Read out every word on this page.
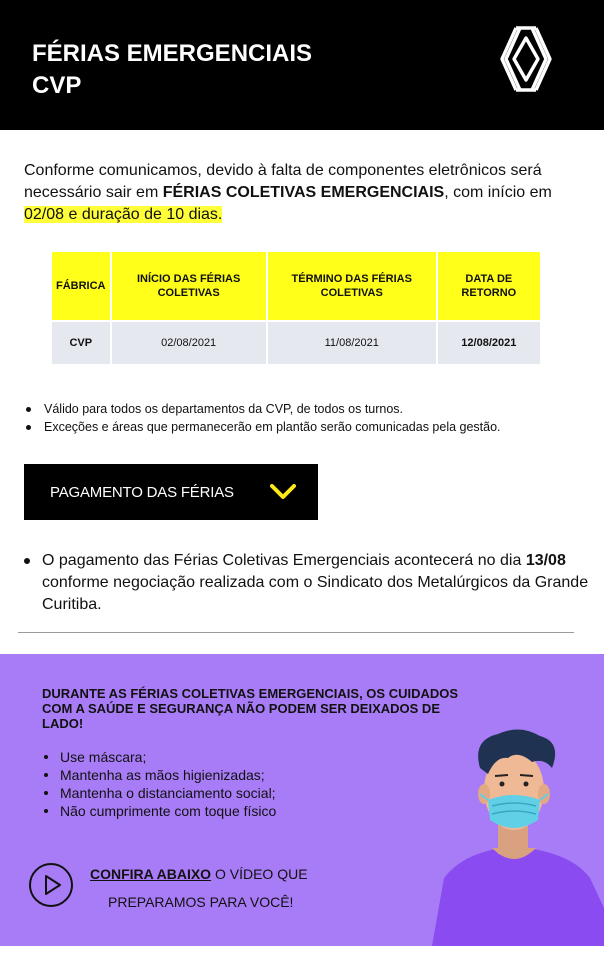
FÉRIAS EMERGENCIAIS
CVP
Conforme comunicamos, devido à falta de componentes eletrônicos será necessário sair em FÉRIAS COLETIVAS EMERGENCIAIS, com início em 02/08 e duração de 10 dias.
FÁBRICA	INÍCIO DAS FÉRIAS COLETIVAS	TÉRMINO DAS FÉRIAS COLETIVAS	DATA DE RETORNO
CVP	02/08/2021	11/08/2021	12/08/2021
Válido para todos os departamentos da CVP, de todos os turnos.
Exceções e áreas que permanecerão em plantão serão comunicadas pela gestão.
PAGAMENTO DAS FÉRIAS
O pagamento das Férias Coletivas Emergenciais acontecerá no dia 13/08 conforme negociação realizada com o Sindicato dos Metalúrgicos da Grande Curitiba.
DURANTE AS FÉRIAS COLETIVAS EMERGENCIAIS, OS CUIDADOS COM A SAÚDE E SEGURANÇA NÃO PODEM SER DEIXADOS DE LADO!
Use máscara;
Mantenha as mãos higienizadas;
Mantenha o distanciamento social;
Não cumprimente com toque físico
CONFIRA ABAIXO O VÍDEO QUE
PREPARAMOS PARA VOCÊ!
